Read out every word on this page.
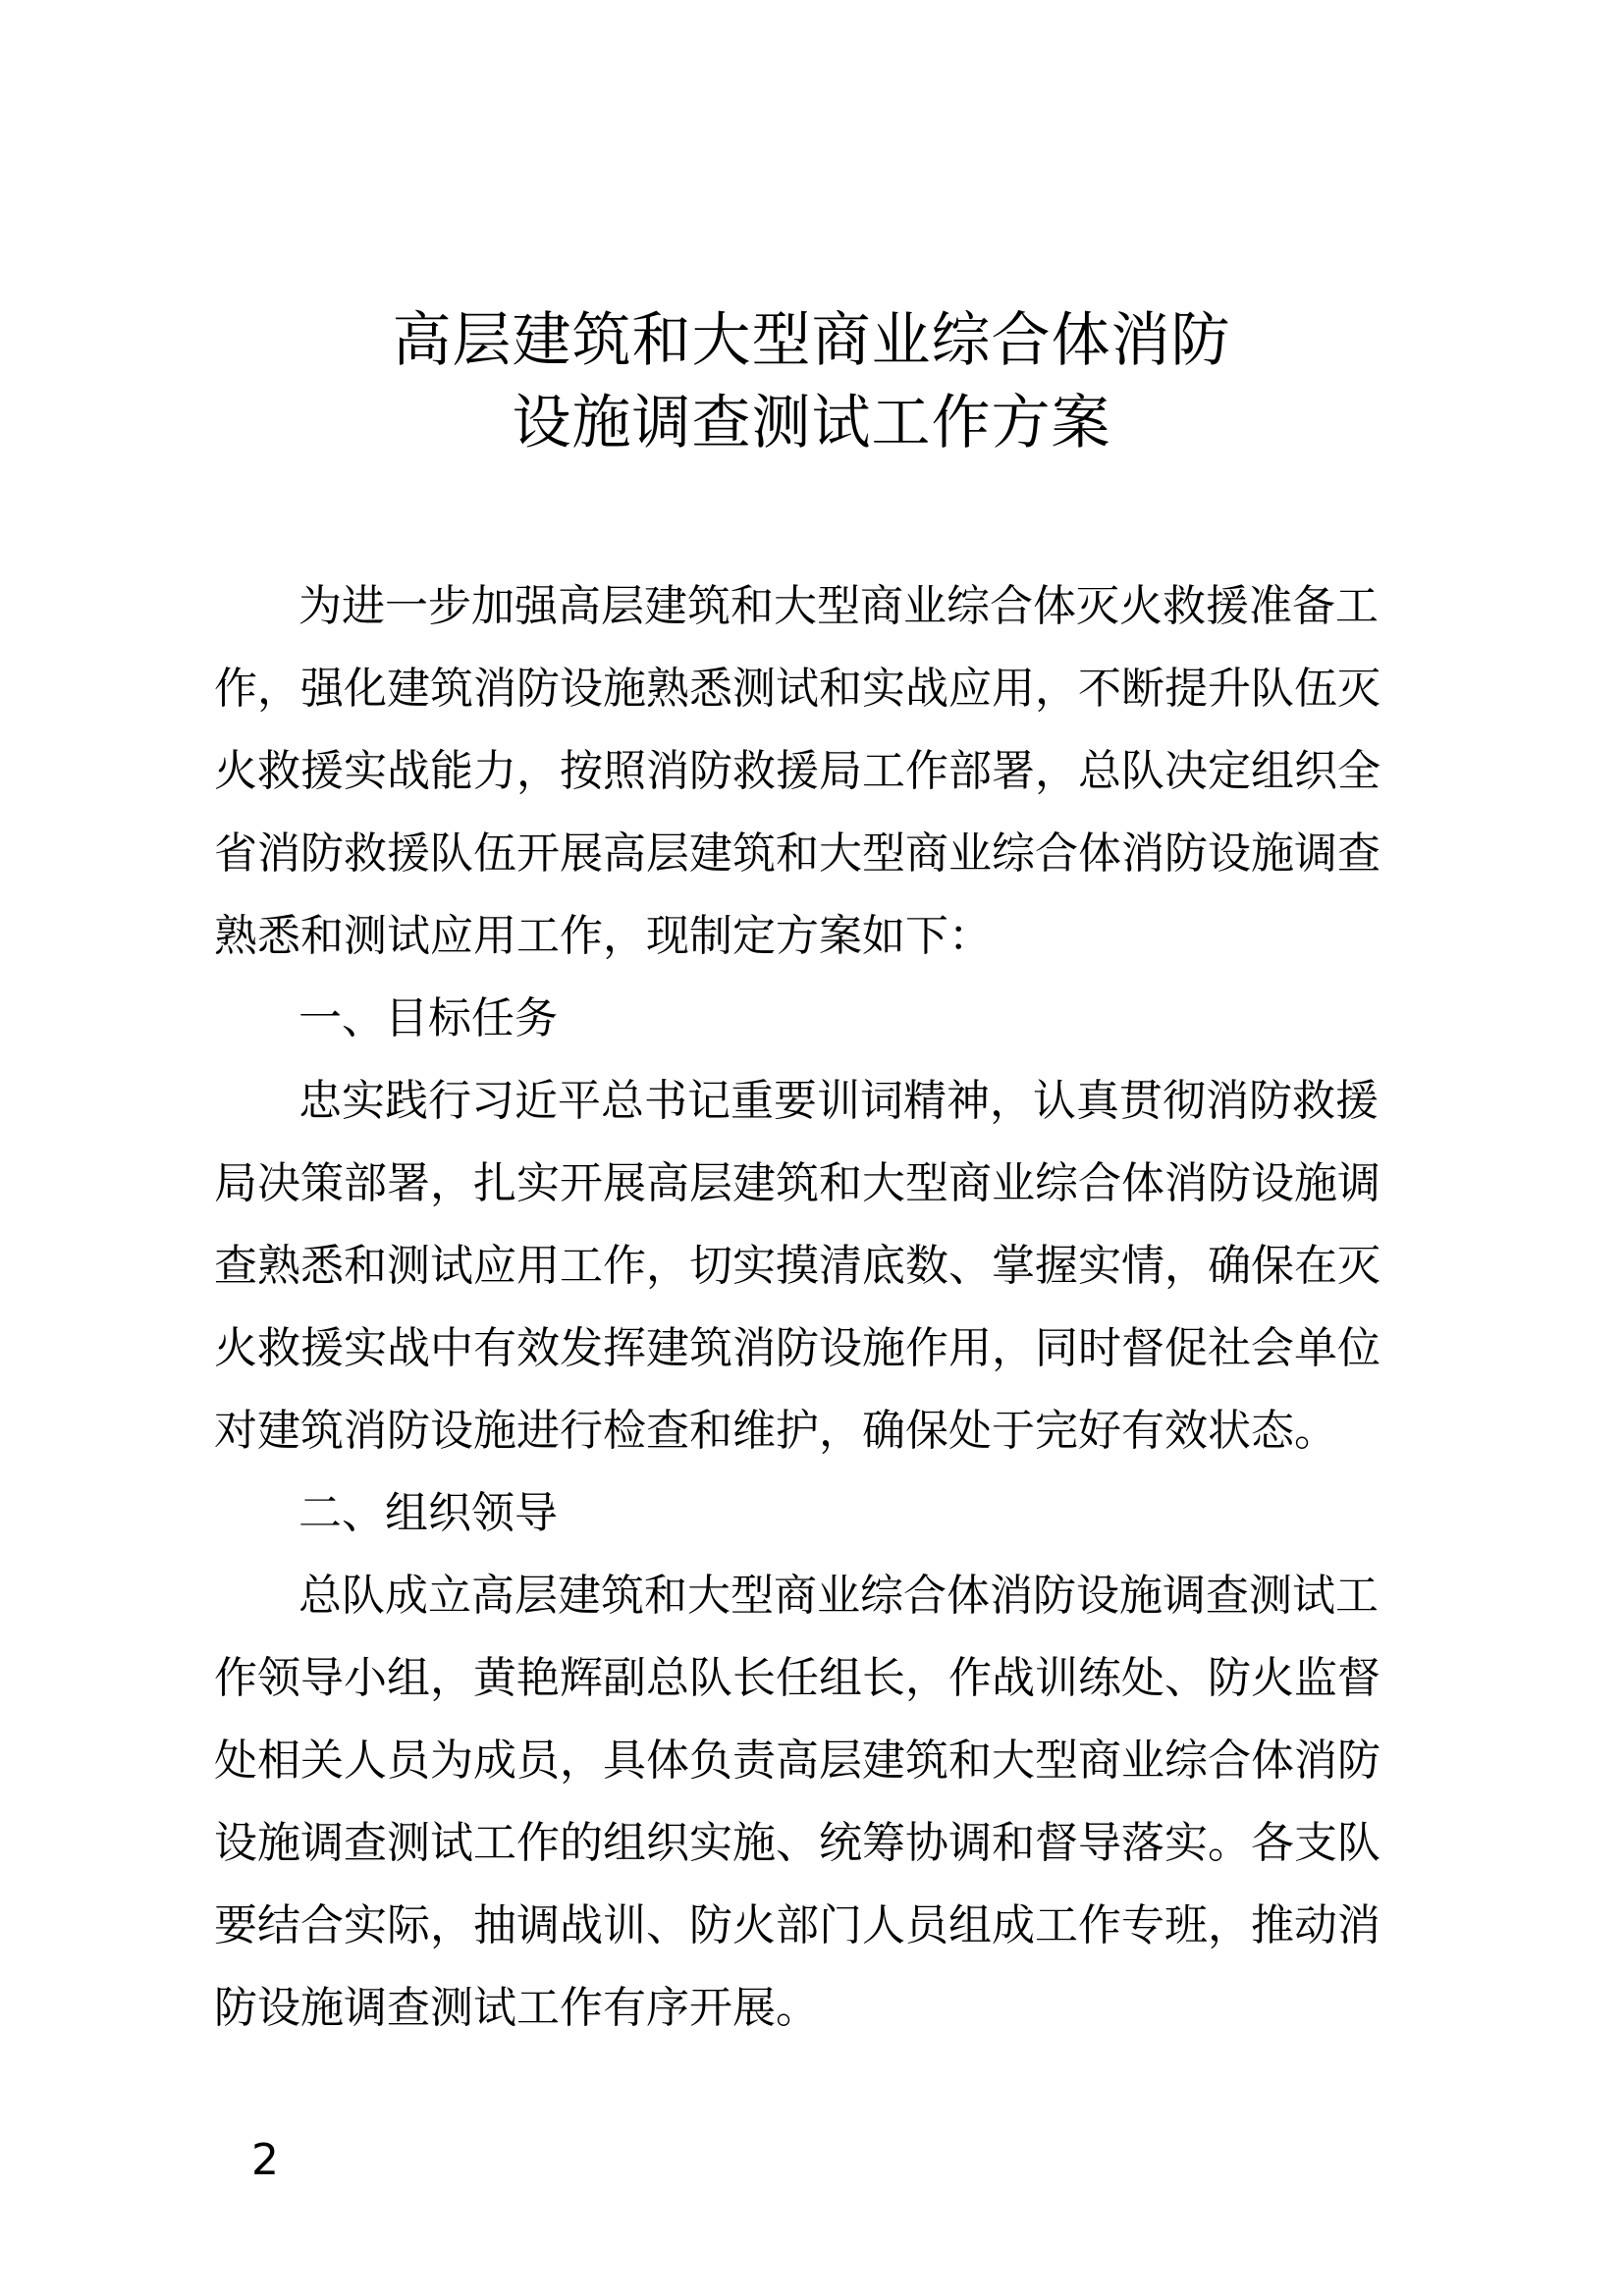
高层建筑和大型商业综合体消防
设施调查测试工作方案
为进一步加强高层建筑和大型商业综合体灭火救援准备工
作，强化建筑消防设施熟悉测试和实战应用，不断提升队伍灭
火救援实战能力，按照消防救援局工作部署，总队决定组织全
省消防救援队伍开展高层建筑和大型商业综合体消防设施调查
熟悉和测试应用工作，现制定方案如下：
一、目标任务
忠实践行习近平总书记重要训词精神，认真贯彻消防救援
局决策部署，扎实开展高层建筑和大型商业综合体消防设施调
查熟悉和测试应用工作，切实摸清底数、掌握实情，确保在灭
火救援实战中有效发挥建筑消防设施作用，同时督促社会单位
对建筑消防设施进行检查和维护，确保处于完好有效状态。
二、组织领导
总队成立高层建筑和大型商业综合体消防设施调查测试工
作领导小组，黄艳辉副总队长任组长，作战训练处、防火监督
处相关人员为成员，具体负责高层建筑和大型商业综合体消防
设施调查测试工作的组织实施、统筹协调和督导落实。各支队
要结合实际，抽调战训、防火部门人员组成工作专班，推动消
防设施调查测试工作有序开展。
2
